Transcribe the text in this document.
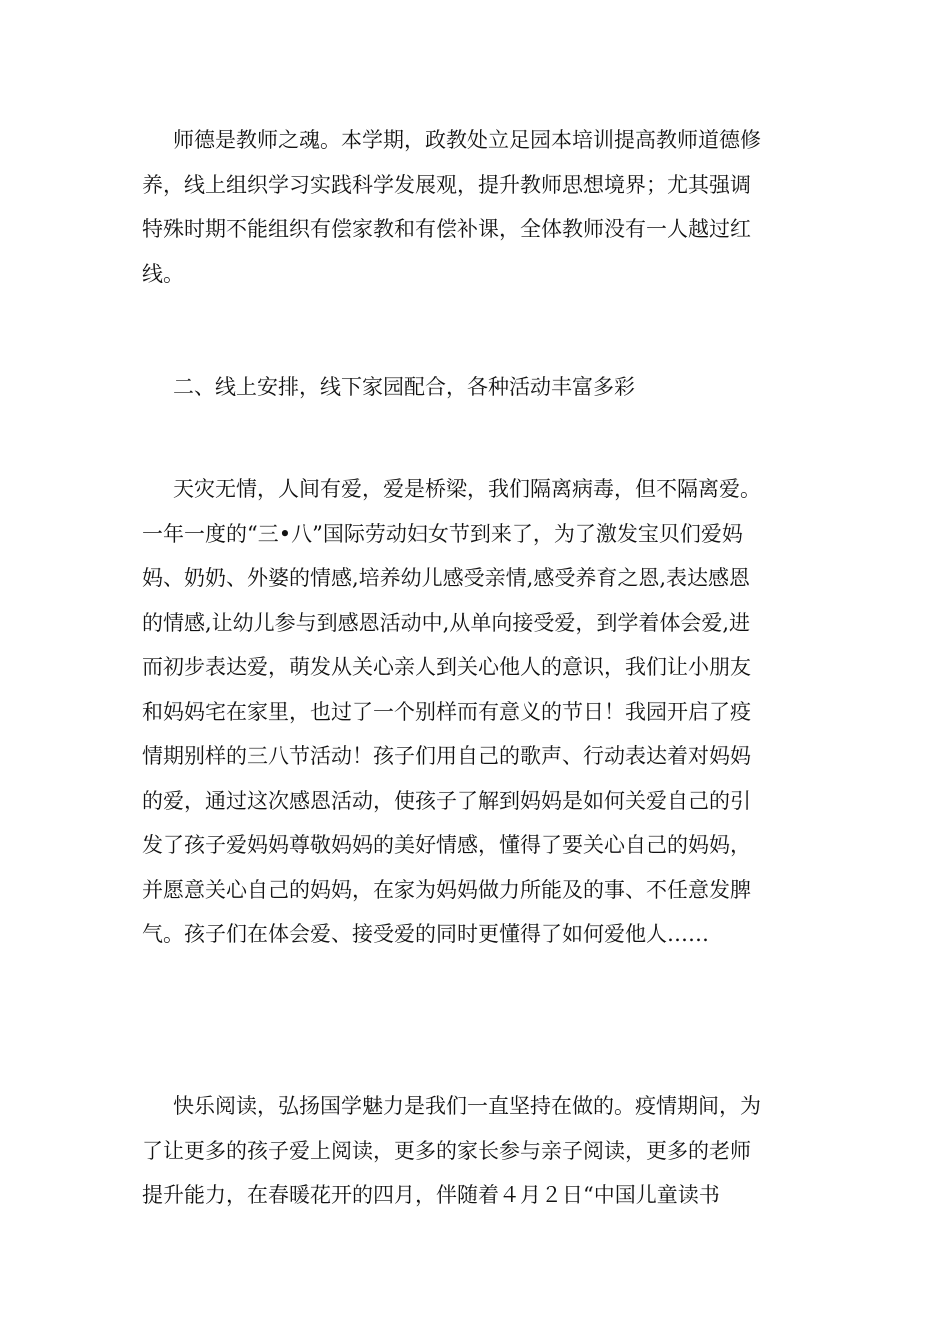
师德是教师之魂。本学期，政教处立足园本培训提高教师道德修
养，线上组织学习实践科学发展观，提升教师思想境界；尤其强调
特殊时期不能组织有偿家教和有偿补课，全体教师没有一人越过红
线。

二、线上安排，线下家园配合，各种活动丰富多彩

天灾无情，人间有爱，爱是桥梁，我们隔离病毒，但不隔离爱。
一年一度的“三•八”国际劳动妇女节到来了，为了激发宝贝们爱妈
妈、奶奶、外婆的情感,培养幼儿感受亲情,感受养育之恩,表达感恩
的情感,让幼儿参与到感恩活动中,从单向接受爱，到学着体会爱,进
而初步表达爱，萌发从关心亲人到关心他人的意识，我们让小朋友
和妈妈宅在家里，也过了一个别样而有意义的节日！我园开启了疫
情期别样的三八节活动！孩子们用自己的歌声、行动表达着对妈妈
的爱，通过这次感恩活动，使孩子了解到妈妈是如何关爱自己的引
发了孩子爱妈妈尊敬妈妈的美好情感，懂得了要关心自己的妈妈，
并愿意关心自己的妈妈，在家为妈妈做力所能及的事、不任意发脾
气。孩子们在体会爱、接受爱的同时更懂得了如何爱他人……

快乐阅读，弘扬国学魅力是我们一直坚持在做的。疫情期间，为
了让更多的孩子爱上阅读，更多的家长参与亲子阅读，更多的老师
提升能力，在春暖花开的四月，伴随着４月２日“中国儿童读书
